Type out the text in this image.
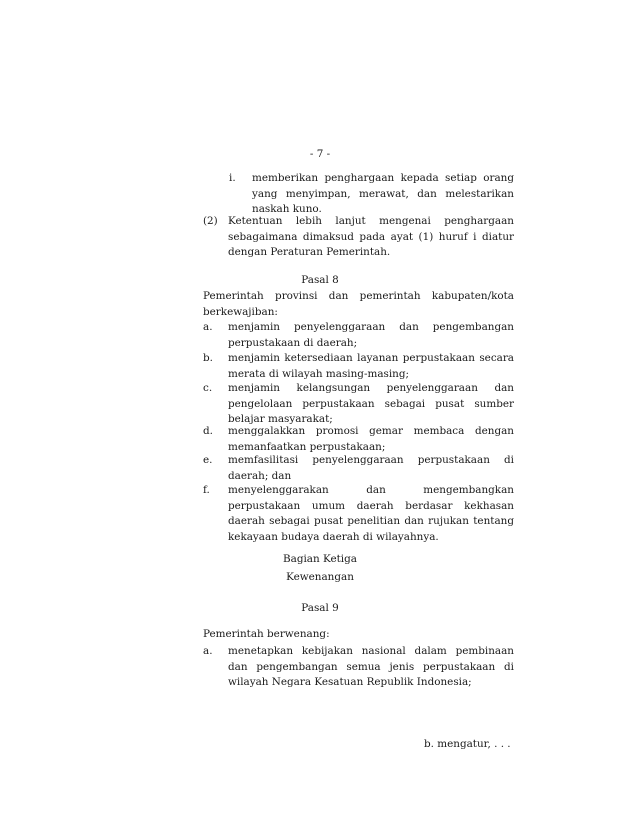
- 7 -
i. memberikan penghargaan kepada setiap orang
yang menyimpan, merawat, dan melestarikan
naskah kuno.
(2) Ketentuan lebih lanjut mengenai penghargaan
sebagaimana dimaksud pada ayat (1) huruf i diatur
dengan Peraturan Pemerintah.
Pasal 8
Pemerintah provinsi dan pemerintah kabupaten/kota
berkewajiban:
a. menjamin penyelenggaraan dan pengembangan
perpustakaan di daerah;
b. menjamin ketersediaan layanan perpustakaan secara
merata di wilayah masing-masing;
c. menjamin kelangsungan penyelenggaraan dan
pengelolaan perpustakaan sebagai pusat sumber
belajar masyarakat;
d. menggalakkan promosi gemar membaca dengan
memanfaatkan perpustakaan;
e. memfasilitasi penyelenggaraan perpustakaan di
daerah; dan
f. menyelenggarakan dan mengembangkan
perpustakaan umum daerah berdasar kekhasan
daerah sebagai pusat penelitian dan rujukan tentang
kekayaan budaya daerah di wilayahnya.
Bagian Ketiga
Kewenangan
Pasal 9
Pemerintah berwenang:
a. menetapkan kebijakan nasional dalam pembinaan
dan pengembangan semua jenis perpustakaan di
wilayah Negara Kesatuan Republik Indonesia;
b. mengatur, . . .
